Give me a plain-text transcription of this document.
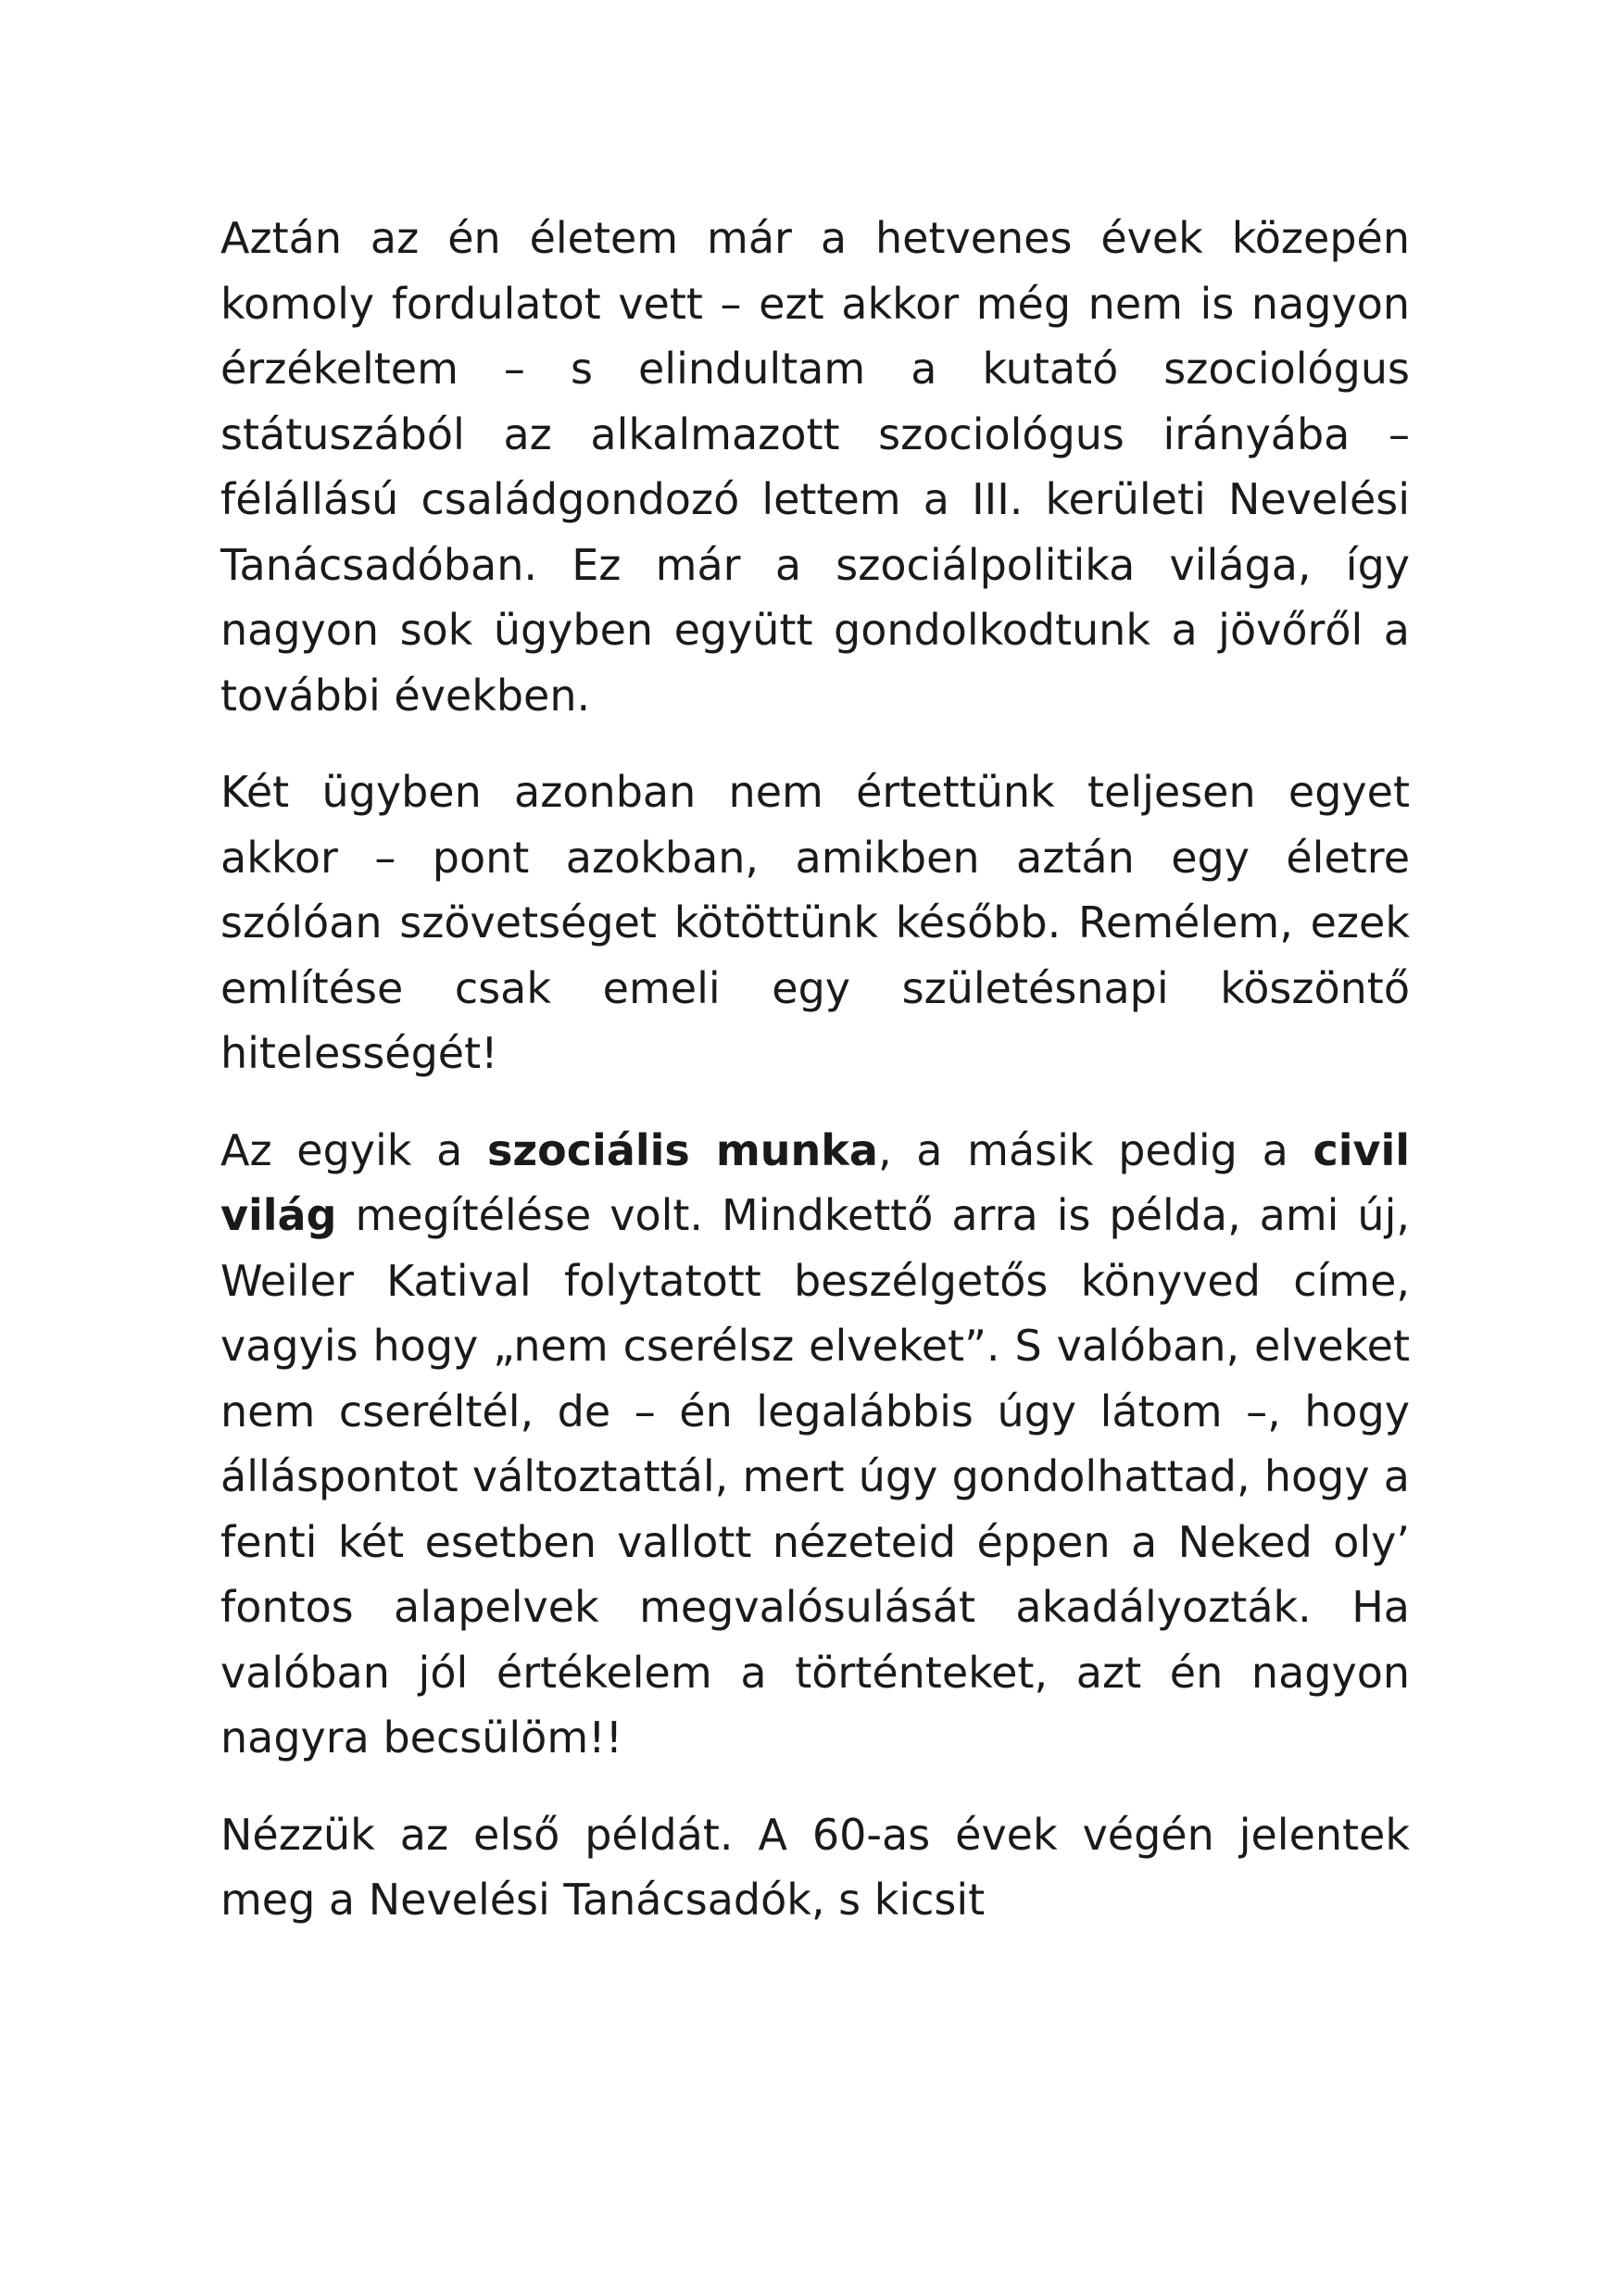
Aztán az én életem már a hetvenes évek közepén komoly fordulatot vett – ezt akkor még nem is nagyon érzékeltem – s elindultam a kutató szociológus státuszából az alkalmazott szociológus irányába – félállású családgondozó lettem a III. kerületi Nevelési Tanácsadóban. Ez már a szociálpolitika világa, így nagyon sok ügyben együtt gondolkodtunk a jövőről a további években.

Két ügyben azonban nem értettünk teljesen egyet akkor – pont azokban, amikben aztán egy életre szólóan szövetséget kötöttünk később. Remélem, ezek említése csak emeli egy születésnapi köszöntő hitelességét!

Az egyik a szociális munka, a másik pedig a civil világ megítélése volt. Mindkettő arra is példa, ami új, Weiler Katival folytatott beszélgetős könyved címe, vagyis hogy „nem cserélsz elveket”. S valóban, elveket nem cseréltél, de – én legalábbis úgy látom –, hogy álláspontot változtattál, mert úgy gondolhattad, hogy a fenti két esetben vallott nézeteid éppen a Neked oly’ fontos alapelvek megvalósulását akadályozták. Ha valóban jól értékelem a történteket, azt én nagyon nagyra becsülöm!!

Nézzük az első példát. A 60-as évek végén jelentek meg a Nevelési Tanácsadók, s kicsit
